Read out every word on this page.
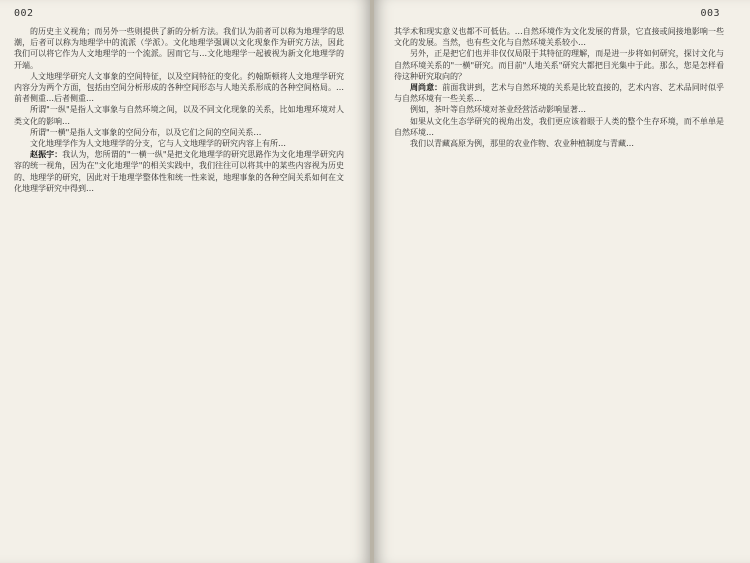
002

的历史主义视角；而另外一些则提供了新的分析方法。我们认为前者可以称为地理学的思潮，后者可以称为地理学中的流派（学派）。文化地理学强调以文化现象作为研究方法，因此我们可以将它作为人文地理学的一个流派。因而它与…文化地理学一起被视为新文化地理学的开端。

人文地理学研究人文事象的空间特征，以及空间特征的变化。约翰斯顿将人文地理学研究内容分为两个方面，包括由空间分析形成的各种空间形态与人地关系形成的各种空间格局。…前者侧重…后者侧重…

所谓"一纵"是指人文事象与自然环境之间，以及不同文化现象的关系，比如地理环境对人类文化的影响…

所谓"一横"是指人文事象的空间分布，以及它们之间的空间关系…

文化地理学作为人文地理学的分支，它与人文地理学的研究内容上有所…

赵振宇：我认为，您所谓的"一横一纵"是把文化地理学的研究思路作为文化地理学研究内容的统一视角，因为在"文化地理学"的相关实践中，我们往往可以将其中的某些内容视为历史的、地理学的研究，因此对于地理学整体性和统一性来说，地理事象的各种空间关系如何在文化地理学研究中得到…

003

其学术和现实意义也都不可低估。…自然环境作为文化发展的背景，它直接或间接地影响一些文化的发展。当然，也有些文化与自然环境关系较小…

另外，正是把它们也并非仅仅局限于其特征的理解，而是进一步将如何研究，探讨文化与自然环境关系的"一横"研究。而目前"人地关系"研究大都把目光集中于此。那么，您是怎样看待这种研究取向的？

周尚意：前面我讲到，艺术与自然环境的关系是比较直接的，艺术内容、艺术品同时似乎与自然环境有一些关系…

例如，茶叶等自然环境对茶业经营活动影响显著…

如果从文化生态学研究的视角出发，我们更应该着眼于人类的整个生存环境，而不单单是自然环境…

我们以青藏高原为例，那里的农业作物、农业种植制度与青藏…
